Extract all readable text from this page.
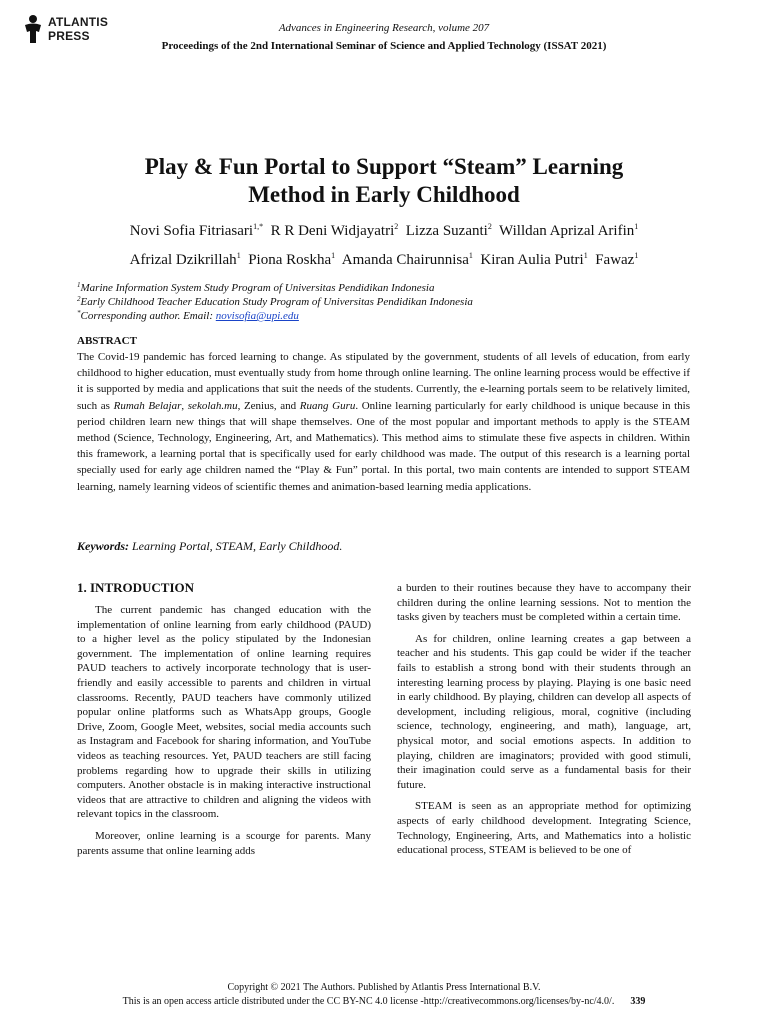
ATLANTIS
PRESS
Advances in Engineering Research, volume 207
Proceedings of the 2nd International Seminar of Science and Applied Technology (ISSAT 2021)
Play & Fun Portal to Support “Steam” Learning
Method in Early Childhood
Novi Sofia Fitriasari$^{1,*}$ R R Deni Widjayatri$^2$ Lizza Suzanti$^2$ Willdan Aprizal Arifin$^1$
Afrizal Dzikrillah$^1$ Piona Roskha$^1$ Amanda Chairunnisa$^1$ Kiran Aulia Putri$^1$ Fawaz$^1$
$^1$Marine Information System Study Program of Universitas Pendidikan Indonesia
$^2$Early Childhood Teacher Education Study Program of Universitas Pendidikan Indonesia
*Corresponding author. Email: novisofia@upi.edu
ABSTRACT
The Covid-19 pandemic has forced learning to change. As stipulated by the government, students of all levels of education, from early childhood to higher education, must eventually study from home through online learning. The online learning process would be effective if it is supported by media and applications that suit the needs of the students. Currently, the e-learning portals seem to be relatively limited, such as Rumah Belajar, sekolah.mu, Zenius, and Ruang Guru. Online learning particularly for early childhood is unique because in this period children learn new things that will shape themselves. One of the most popular and important methods to apply is the STEAM method (Science, Technology, Engineering, Art, and Mathematics). This method aims to stimulate these five aspects in children. Within this framework, a learning portal that is specifically used for early childhood was made. The output of this research is a learning portal specially used for early age children named the “Play & Fun” portal. In this portal, two main contents are intended to support STEAM learning, namely learning videos of scientific themes and animation-based learning media applications.
Keywords: Learning Portal, STEAM, Early Childhood.
1. INTRODUCTION

The current pandemic has changed education with the implementation of online learning from early childhood (PAUD) to a higher level as the policy stipulated by the Indonesian government. The implementation of online learning requires PAUD teachers to actively incorporate technology that is user-friendly and easily accessible to parents and children in virtual classrooms. Recently, PAUD teachers have commonly utilized popular online platforms such as WhatsApp groups, Google Drive, Zoom, Google Meet, websites, social media accounts such as Instagram and Facebook for sharing information, and YouTube videos as teaching resources. Yet, PAUD teachers are still facing problems regarding how to upgrade their skills in utilizing computers. Another obstacle is in making interactive instructional videos that are attractive to children and aligning the videos with relevant topics in the classroom.

Moreover, online learning is a scourge for parents. Many parents assume that online learning adds

a burden to their routines because they have to accompany their children during the online learning sessions. Not to mention the tasks given by teachers must be completed within a certain time.

As for children, online learning creates a gap between a teacher and his students. This gap could be wider if the teacher fails to establish a strong bond with their students through an interesting learning process by playing. Playing is one basic need in early childhood. By playing, children can develop all aspects of development, including religious, moral, cognitive (including science, technology, engineering, and math), language, art, physical motor, and social emotions aspects. In addition to playing, children are imaginators; provided with good stimuli, their imagination could serve as a fundamental basis for their future.

STEAM is seen as an appropriate method for optimizing aspects of early childhood development. Integrating Science, Technology, Engineering, Arts, and Mathematics into a holistic educational process, STEAM is believed to be one of

Copyright © 2021 The Authors. Published by Atlantis Press International B.V.
This is an open access article distributed under the CC BY-NC 4.0 license -http://creativecommons.org/licenses/by-nc/4.0/. 339
